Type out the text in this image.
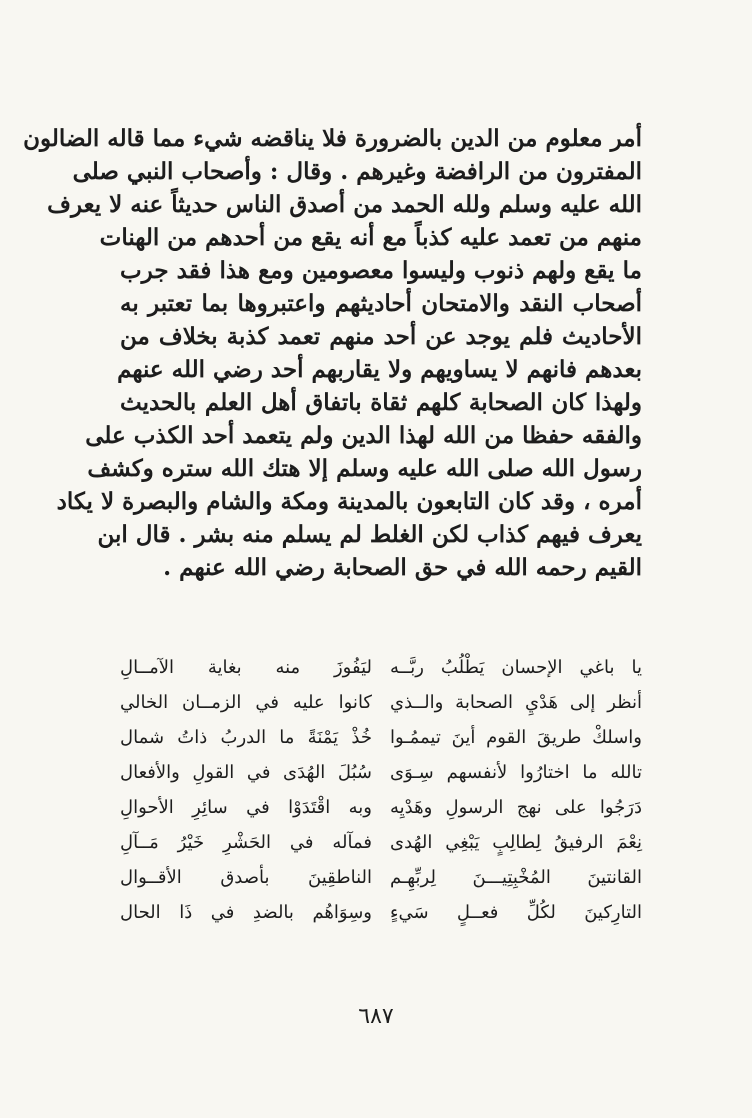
أمر معلوم من الدين بالضرورة فلا يناقضه شيء مما قاله الضالون
المفترون من الرافضة وغيرهم . وقال : وأصحاب النبي صلى
الله عليه وسلم ولله الحمد من أصدق الناس حديثاً عنه لا يعرف
منهم من تعمد عليه كذباً مع أنه يقع من أحدهم من الهنات
ما يقع ولهم ذنوب وليسوا معصومين ومع هذا فقد جرب
أصحاب النقد والامتحان أحاديثهم واعتبروها بما تعتبر به
الأحاديث فلم يوجد عن أحد منهم تعمد كذبة بخلاف من
بعدهم فانهم لا يساويهم ولا يقاربهم أحد رضي الله عنهم
ولهذا كان الصحابة كلهم ثقاة باتفاق أهل العلم بالحديث
والفقه حفظا من الله لهذا الدين ولم يتعمد أحد الكذب على
رسول الله صلى الله عليه وسلم إلا هتك الله ستره وكشف
أمره ، وقد كان التابعون بالمدينة ومكة والشام والبصرة لا يكاد
يعرف فيهم كذاب لكن الغلط لم يسلم منه بشر . قال ابن
القيم رحمه الله في حق الصحابة رضي الله عنهم .
يا باغي الإحسان يَطْلُبُ ربَّــه
ليَفُوزَ منه بغاية الآمــالِ
أنظر إلى هَدْيِ الصحابة والــذي
كانوا عليه في الزمــان الخالي
واسلكْ طريقَ القوم أينَ تيممُـوا
خُذْ يَمْنَةً ما الدربُ ذاتُ شمال
تالله ما اختارُوا لأنفسهم سِـوَى
سُبُلَ الهُدَى في القولِ والأفعال
دَرَجُوا على نهج الرسولِ وهَدْيِه
وبه اقْتَدَوْا في سائِرِ الأحوالِ
نِعْمَ الرفيقُ لِطالِبٍ يَبْغِي الهُدى
فمآله في الحَشْرِ خَيْرُ مَــآلِ
القانتينَ المُخْبِتِيـــنَ لِربِّهِـم
الناطقِينَ بأصدق الأقــوال
التارِكينَ لكُلِّ فعــلٍ سَيءٍ
وسِوَاهُم بالضدِ في ذَا الحال
٦٨٧
